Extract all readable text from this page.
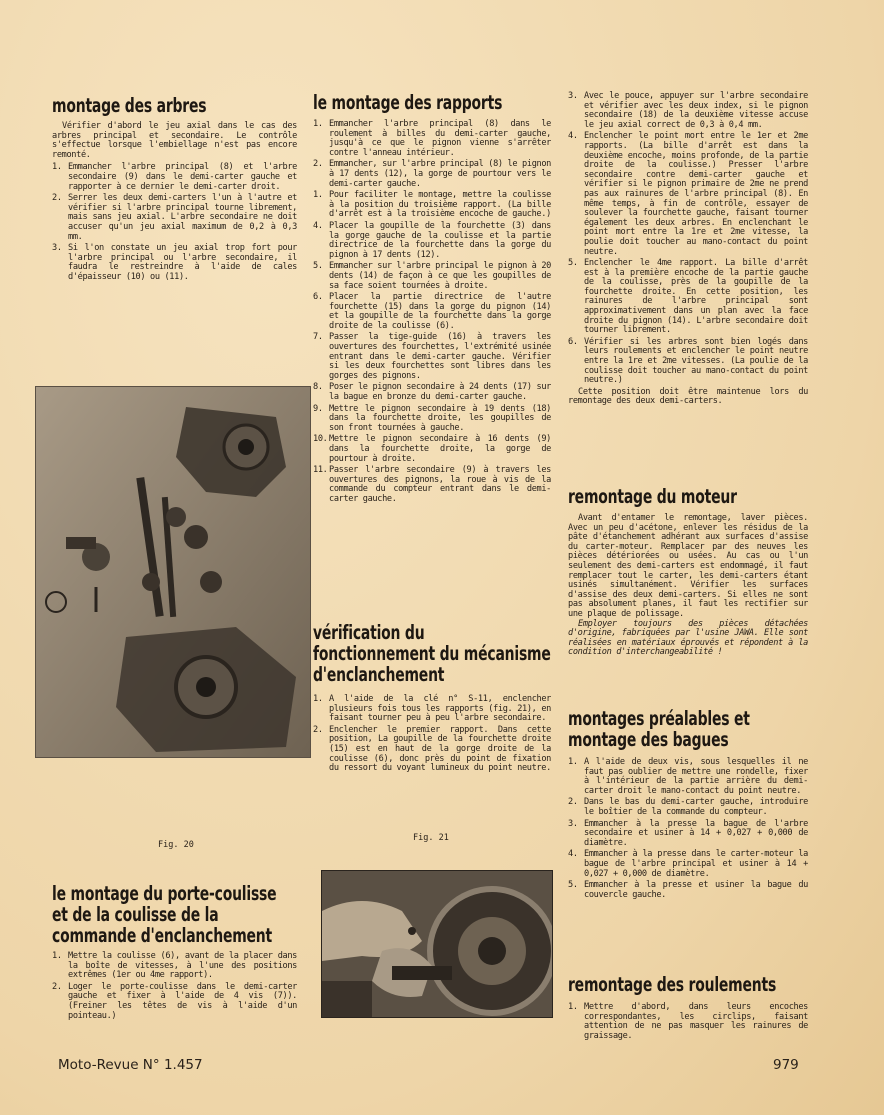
montage des arbres

Vérifier d'abord le jeu axial dans le cas des arbres principal et secondaire. Le contrôle s'effectue lorsque l'embiellage n'est pas encore remonté.

1. Emmancher l'arbre principal (8) et l'arbre secondaire (9) dans le demi-carter gauche et rapporter à ce dernier le demi-carter droit.
2. Serrer les deux demi-carters l'un à l'autre et vérifier si l'arbre principal tourne librement, mais sans jeu axial. L'arbre secondaire ne doit accuser qu'un jeu axial maximum de 0,2 à 0,3 mm.
3. Si l'on constate un jeu axial trop fort pour l'arbre principal ou l'arbre secondaire, il faudra le restreindre à l'aide de cales d'épaisseur (10) ou (11).
Fig. 20
le montage du porte-coulisse
et de la coulisse de la
commande d'enclanchement
1. Mettre la coulisse (6), avant de la placer dans la boîte de vitesses, à l'une des positions extrêmes (1er ou 4me rapport).
2. Loger le porte-coulisse dans le demi-carter gauche et fixer à l'aide de 4 vis (7)). (Freiner les têtes de vis à l'aide d'un pointeau.)
Moto-Revue N° 1.457
le montage des rapports
1. Emmancher l'arbre principal (8) dans le roulement à billes du demi-carter gauche, jusqu'à ce que le pignon vienne s'arrêter contre l'anneau intérieur.
2. Emmancher, sur l'arbre principal (8) le pignon à 17 dents (12), la gorge de pourtour vers le demi-carter gauche.
1. Pour faciliter le montage, mettre la coulisse à la position du troisième rapport. (La bille d'arrêt est à la troisième encoche de gauche.)
4. Placer la goupille de la fourchette (3) dans la gorge gauche de la coulisse et la partie directrice de la fourchette dans la gorge du pignon à 17 dents (12).
5. Emmancher sur l'arbre principal le pignon à 20 dents (14) de façon à ce que les goupilles de sa face soient tournées à droite.
6. Placer la partie directrice de l'autre fourchette (15) dans la gorge du pignon (14) et la goupille de la fourchette dans la gorge droite de la coulisse (6).
7. Passer la tige-guide (16) à travers les ouvertures des fourchettes, l'extrémité usinée entrant dans le demi-carter gauche. Vérifier si les deux fourchettes sont libres dans les gorges des pignons.
8. Poser le pignon secondaire à 24 dents (17) sur la bague en bronze du demi-carter gauche.
9. Mettre le pignon secondaire à 19 dents (18) dans la fourchette droite, les goupilles de son front tournées à gauche.
10. Mettre le pignon secondaire à 16 dents (9) dans la fourchette droite, la gorge de pourtour à droite.
11. Passer l'arbre secondaire (9) à travers les ouvertures des pignons, la roue à vis de la commande du compteur entrant dans le demi-carter gauche.
vérification du
fonctionnement du mécanisme
d'enclanchement
1. A l'aide de la clé n° S-11, enclencher plusieurs fois tous les rapports (fig. 21), en faisant tourner peu à peu l'arbre secondaire.
2. Enclencher le premier rapport. Dans cette position, La goupille de la fourchette droite (15) est en haut de la gorge droite de la coulisse (6), donc près du point de fixation du ressort du voyant lumineux du point neutre.
Fig. 21
3. Avec le pouce, appuyer sur l'arbre secondaire et vérifier avec les deux index, si le pignon secondaire (18) de la deuxième vitesse accuse le jeu axial correct de 0,3 à 0,4 mm.
4. Enclencher le point mort entre le 1er et 2me rapports. (La bille d'arrêt est dans la deuxième encoche, moins profonde, de la partie droite de la coulisse.) Presser l'arbre secondaire contre demi-carter gauche et vérifier si le pignon primaire de 2me ne prend pas aux rainures de l'arbre principal (8). En même temps, à fin de contrôle, essayer de soulever la fourchette gauche, faisant tourner également les deux arbres. En enclenchant le point mort entre la 1re et 2me vitesse, la poulie doit toucher au mano-contact du point neutre.
5. Enclencher le 4me rapport. La bille d'arrêt est à la première encoche de la partie gauche de la coulisse, près de la goupille de la fourchette droite. En cette position, les rainures de l'arbre principal sont approximativement dans un plan avec la face droite du pignon (14). L'arbre secondaire doit tourner librement.
6. Vérifier si les arbres sont bien logés dans leurs roulements et enclencher le point neutre entre la 1re et 2me vitesses. (La poulie de la coulisse doit toucher au mano-contact du point neutre.)

Cette position doit être maintenue lors du remontage des deux demi-carters.

remontage du moteur

Avant d'entamer le remontage, laver pièces. Avec un peu d'acétone, enlever les résidus de la pâte d'étanchement adhérant aux surfaces d'assise du carter-moteur. Remplacer par des neuves les pièces détériorées ou usées. Au cas ou l'un seulement des demi-carters est endommagé, il faut remplacer tout le carter, les demi-carters étant usinés simultanément. Vérifier les surfaces d'assise des deux demi-carters. Si elles ne sont pas absolument planes, il faut les rectifier sur une plaque de polissage.

Employer toujours des pièces détachées d'origine, fabriquées par l'usine JAWA. Elle sont réalisées en matériaux éprouvés et répondent à la condition d'interchangeabilité !

montages préalables et
montage des bagues
1. A l'aide de deux vis, sous lesquelles il ne faut pas oublier de mettre une rondelle, fixer à l'intérieur de la partie arrière du demi-carter droit le mano-contact du point neutre.
2. Dans le bas du demi-carter gauche, introduire le boîtier de la commande du compteur.
3. Emmancher à la presse la bague de l'arbre secondaire et usiner à 14 + 0,027 + 0,000 de diamètre.
4. Emmancher à la presse dans le carter-moteur la bague de l'arbre principal et usiner à 14 + 0,027 + 0,000 de diamètre.
5. Emmancher à la presse et usiner la bague du couvercle gauche.
remontage des roulements
1. Mettre d'abord, dans leurs encoches correspondantes, les circlips, faisant attention de ne pas masquer les rainures de graissage.
979
